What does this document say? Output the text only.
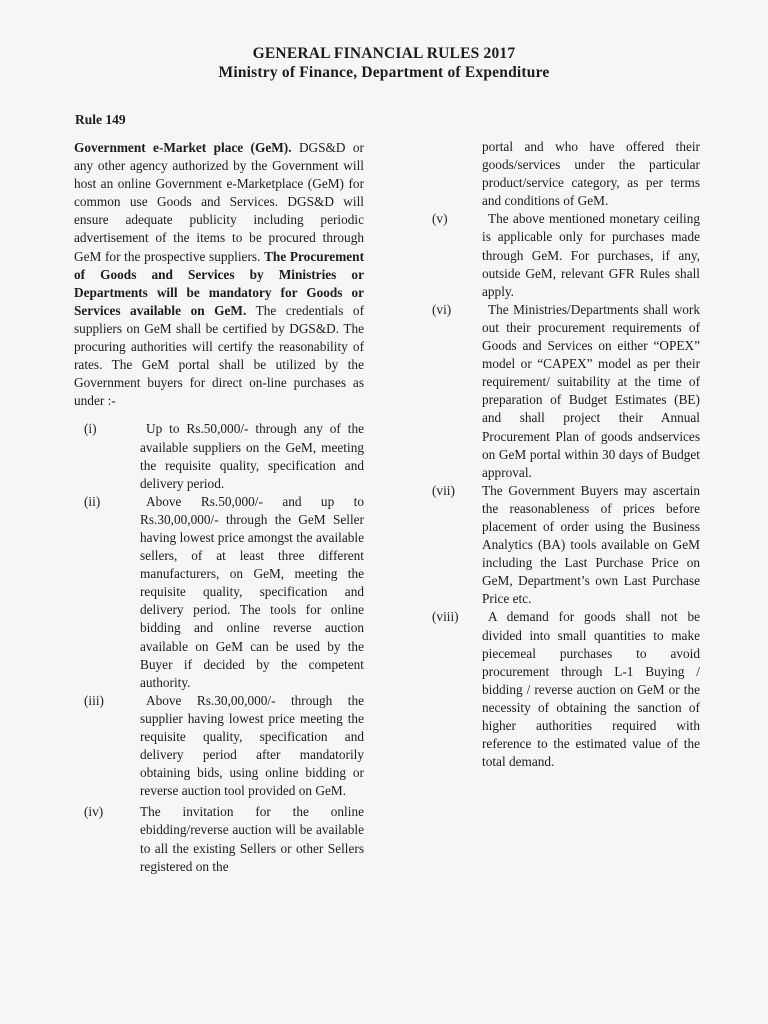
GENERAL FINANCIAL RULES 2017
Ministry of Finance, Department of Expenditure
Rule 149

Government e-Market place (GeM). DGS&D or any other agency authorized by the Government will host an online Government e-Marketplace (GeM) for common use Goods and Services. DGS&D will ensure adequate publicity including periodic advertisement of the items to be procured through GeM for the prospective suppliers. The Procurement of Goods and Services by Ministries or Departments will be mandatory for Goods or Services available on GeM. The credentials of suppliers on GeM shall be certified by DGS&D. The procuring authorities will certify the reasonability of rates. The GeM portal shall be utilized by the Government buyers for direct on-line purchases as under :-

(i)	Up to Rs.50,000/- through any of the available suppliers on the GeM, meeting the requisite quality, specification and delivery period.
(ii)	Above Rs.50,000/- and up to Rs.30,00,000/- through the GeM Seller having lowest price amongst the available sellers, of at least three different manufacturers, on GeM, meeting the requisite quality, specification and delivery period. The tools for online bidding and online reverse auction available on GeM can be used by the Buyer if decided by the competent authority.
(iii)	Above Rs.30,00,000/- through the supplier having lowest price meeting the requisite quality, specification and delivery period after mandatorily obtaining bids, using online bidding or reverse auction tool provided on GeM.
(iv)	The invitation for the online ebidding/reverse auction will be available to all the existing Sellers or other Sellers registered on the

portal and who have offered their goods/services under the particular product/service category, as per terms and conditions of GeM.

(v)	The above mentioned monetary ceiling is applicable only for purchases made through GeM. For purchases, if any, outside GeM, relevant GFR Rules shall apply.
(vi)	The Ministries/Departments shall work out their procurement requirements of Goods and Services on either “OPEX” model or “CAPEX” model as per their requirement/ suitability at the time of preparation of Budget Estimates (BE) and shall project their Annual Procurement Plan of goods andservices on GeM portal within 30 days of Budget approval.
(vii)	The Government Buyers may ascertain the reasonableness of prices before placement of order using the Business Analytics (BA) tools available on GeM including the Last Purchase Price on GeM, Department’s own Last Purchase Price etc.
(viii)	A demand for goods shall not be divided into small quantities to make piecemeal purchases to avoid procurement through L-1 Buying / bidding / reverse auction on GeM or the necessity of obtaining the sanction of higher authorities required with reference to the estimated value of the total demand.
